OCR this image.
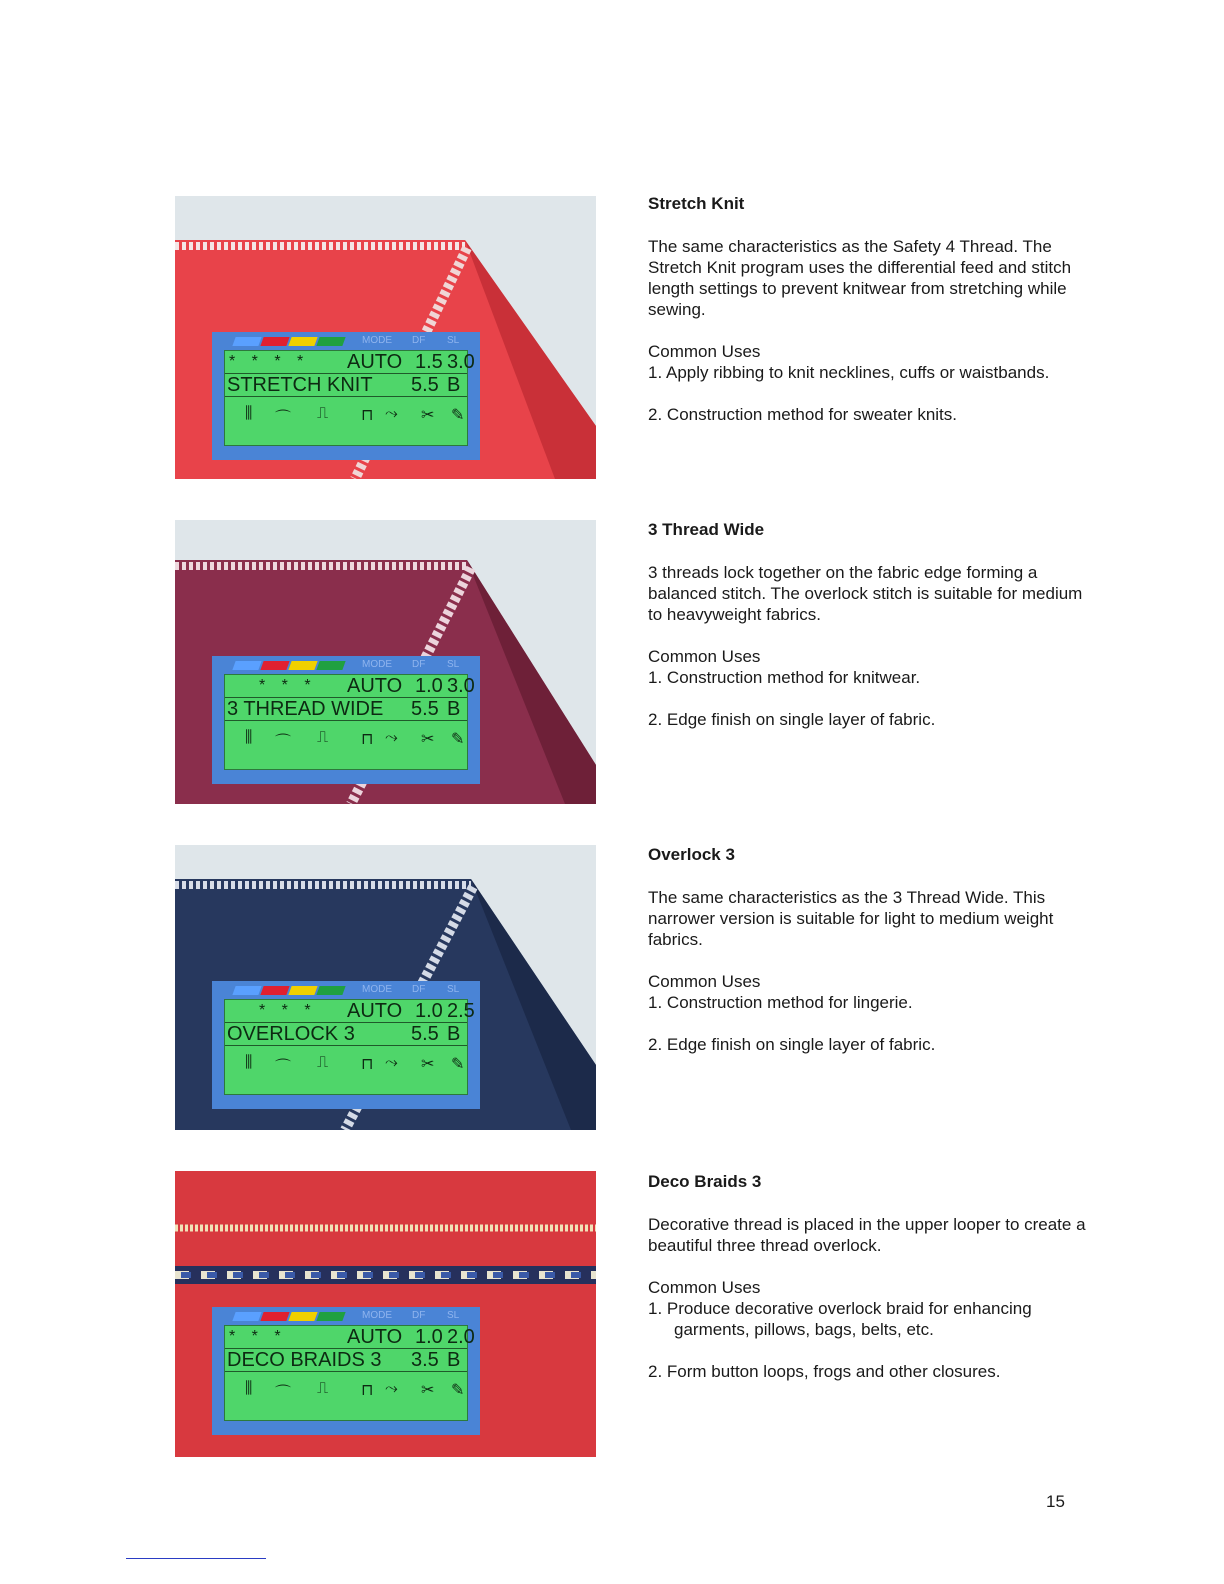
MODE DF SL
* * * * AUTO 1.5 3.0
STRETCH KNIT 5.5 B
⫼ ⌒ ⎍ ⊓ ⤳ ✂ ✎
MODE DF SL
* * * AUTO 1.0 3.0
3 THREAD WIDE 5.5 B
⫼ ⌒ ⎍ ⊓ ⤳ ✂ ✎
MODE DF SL
* * * AUTO 1.0 2.5
OVERLOCK 3	5.5 B
⫼ ⌒ ⎍ ⊓ ⤳ ✂ ✎
MODE DF SL
* * *	AUTO 1.0 2.0
DECO BRAIDS 3 3.5 B
⫼ ⌒ ⎍ ⊓ ⤳ ✂ ✎
Stretch Knit

The same characteristics as the Safety 4 Thread. The Stretch Knit program uses the differential feed and stitch length settings to prevent knitwear from stretching while sewing.

Common Uses

1. Apply ribbing to knit necklines, cuffs or waistbands.
2. Construction method for sweater knits.
3 Thread Wide

3 threads lock together on the fabric edge forming a balanced stitch. The overlock stitch is suitable for medium to heavyweight fabrics.

Common Uses

1. Construction method for knitwear.
2. Edge finish on single layer of fabric.
Overlock 3

The same characteristics as the 3 Thread Wide. This narrower version is suitable for light to medium weight fabrics.

Common Uses

1. Construction method for lingerie.
2. Edge finish on single layer of fabric.
Deco Braids 3

Decorative thread is placed in the upper looper to create a beautiful three thread overlock.

Common Uses

1. Produce decorative overlock braid for enhancing garments, pillows, bags, belts, etc.
2. Form button loops, frogs and other closures.
15
